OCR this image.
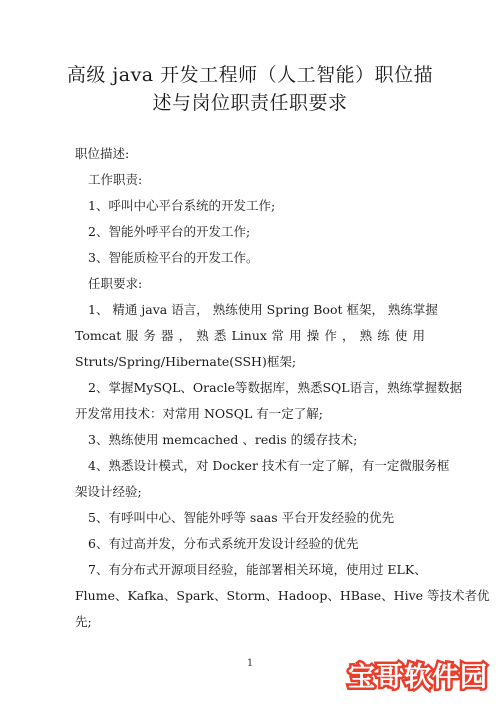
高级 java 开发工程师（人工智能）职位描
述与岗位职责任职要求
职位描述:
工作职责:
1、呼叫中心平台系统的开发工作;
2、智能外呼平台的开发工作;
3、智能质检平台的开发工作。
任职要求:
1、 精通 java 语言， 熟练使用 Spring Boot 框架， 熟练掌握
Tomcat 服 务 器 ， 熟 悉 Linux 常 用 操 作 ， 熟 练 使 用
Struts/Spring/Hibernate(SSH)框架;
2、掌握MySQL、Oracle等数据库，熟悉SQL语言，熟练掌握数据
开发常用技术：对常用 NOSQL 有一定了解;
3、熟练使用 memcached 、redis 的缓存技术;
4、熟悉设计模式，对 Docker 技术有一定了解，有一定微服务框
架设计经验;
5、有呼叫中心、智能外呼等 saas 平台开发经验的优先
6、有过高并发，分布式系统开发设计经验的优先
7、有分布式开源项目经验，能部署相关环境，使用过 ELK、
Flume、Kafka、Spark、Storm、Hadoop、HBase、Hive 等技术者优
先;
1	宝哥软件园
